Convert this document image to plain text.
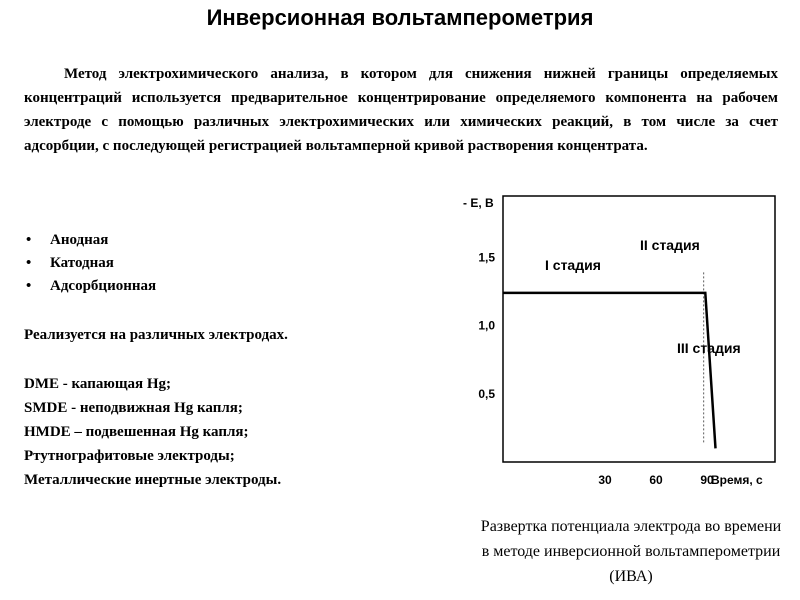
Инверсионная вольтамперометрия

Метод электрохимического анализа, в котором для снижения нижней границы определяемых концентраций используется предварительное концентрирование определяемого компонента на рабочем электроде с помощью различных электрохимических или химических реакций, в том числе за счет адсорбции, с последующей регистрацией вольтамперной кривой растворения концентрата.

• Анодная
• Катодная
• Адсорбционная
Реализуется на различных электродах.
DME - капающая Hg;
SMDE - неподвижная Hg капля;
HMDE – подвешенная Hg капля;
Ртутнографитовые электроды;
Металлические инертные электроды.
- E, В
Время, с
1,5
1,0
0,5
30	60	90
I стадия
II стадия
III стадия

Развертка потенциала электрода во времени в методе инверсионной вольтамперометрии (ИВА)
